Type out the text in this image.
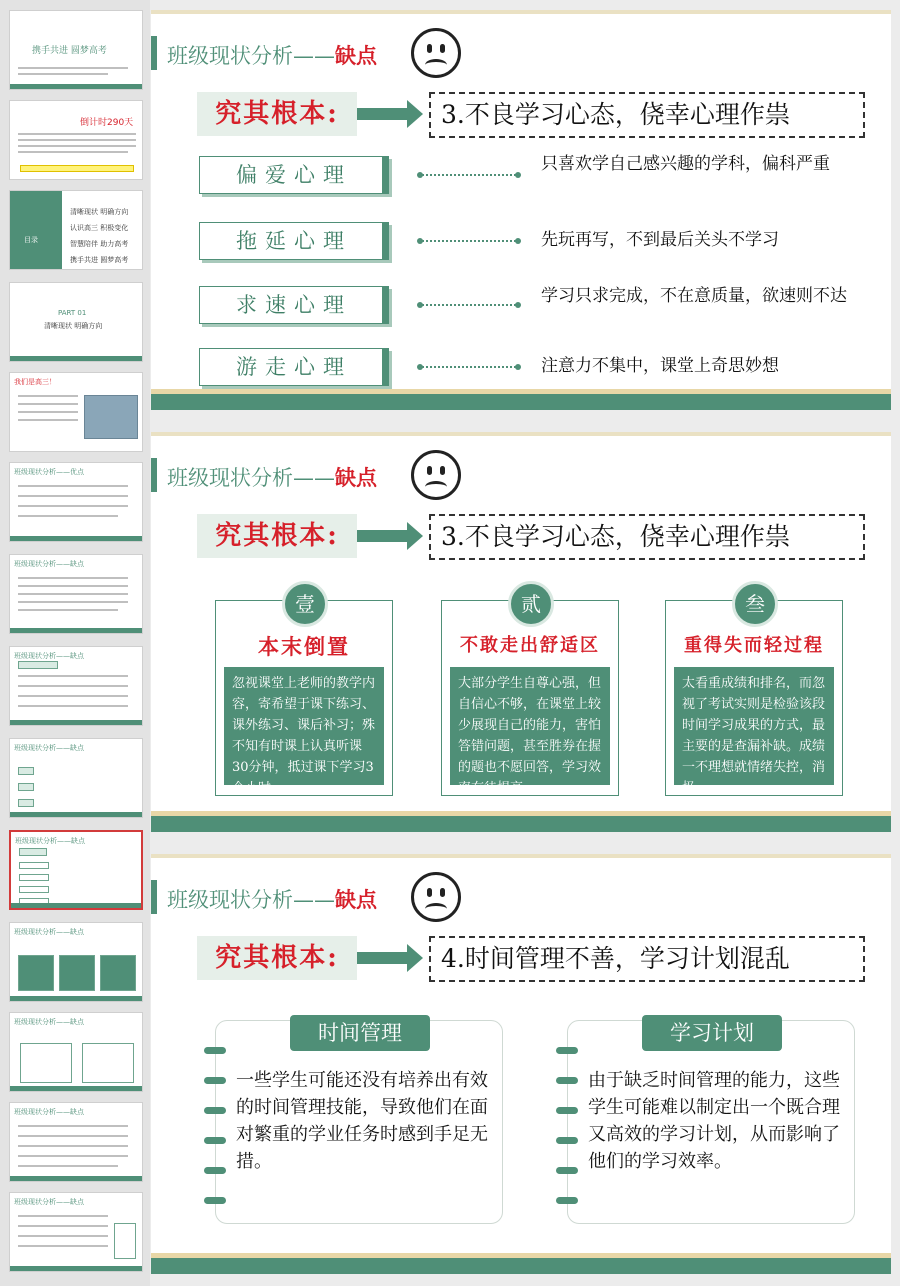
携手共进 圆梦高考
倒计时290天
目录
清晰现状 明确方向
认识高三 积极变化
智慧陪伴 助力高考
携手共进 圆梦高考
PART 01
清晰现状 明确方向
我们是高三！
班级现状分析——优点
班级现状分析——缺点
班级现状分析——缺点
班级现状分析——缺点
班级现状分析——缺点
班级现状分析——缺点
班级现状分析——缺点
班级现状分析——缺点
班级现状分析——缺点
班级现状分析——缺点
究其根本:	3.不良学习心态，侥幸心理作祟
偏爱心理	只喜欢学自己感兴趣的学科，偏科严重
拖延心理	先玩再写，不到最后关头不学习
求速心理	学习只求完成，不在意质量，欲速则不达
游走心理	注意力不集中，课堂上奇思妙想
班级现状分析——缺点
究其根本:	3.不良学习心态，侥幸心理作祟
壹
本末倒置
忽视课堂上老师的教学内容，寄希望于课下练习、课外练习、课后补习；殊不知有时课上认真听课30分钟，抵过课下学习3个小时。
贰
不敢走出舒适区
大部分学生自尊心强，但自信心不够，在课堂上较少展现自己的能力，害怕答错问题，甚至胜券在握的题也不愿回答，学习效率有待提高。
叁
重得失而轻过程
太看重成绩和排名，而忽视了考试实则是检验该段时间学习成果的方式，最主要的是查漏补缺。成绩一不理想就情绪失控，消极。
班级现状分析——缺点
究其根本:	4.时间管理不善，学习计划混乱
时间管理
一些学生可能还没有培养出有效的时间管理技能，导致他们在面对繁重的学业任务时感到手足无措。
学习计划
由于缺乏时间管理的能力，这些学生可能难以制定出一个既合理又高效的学习计划，从而影响了他们的学习效率。
